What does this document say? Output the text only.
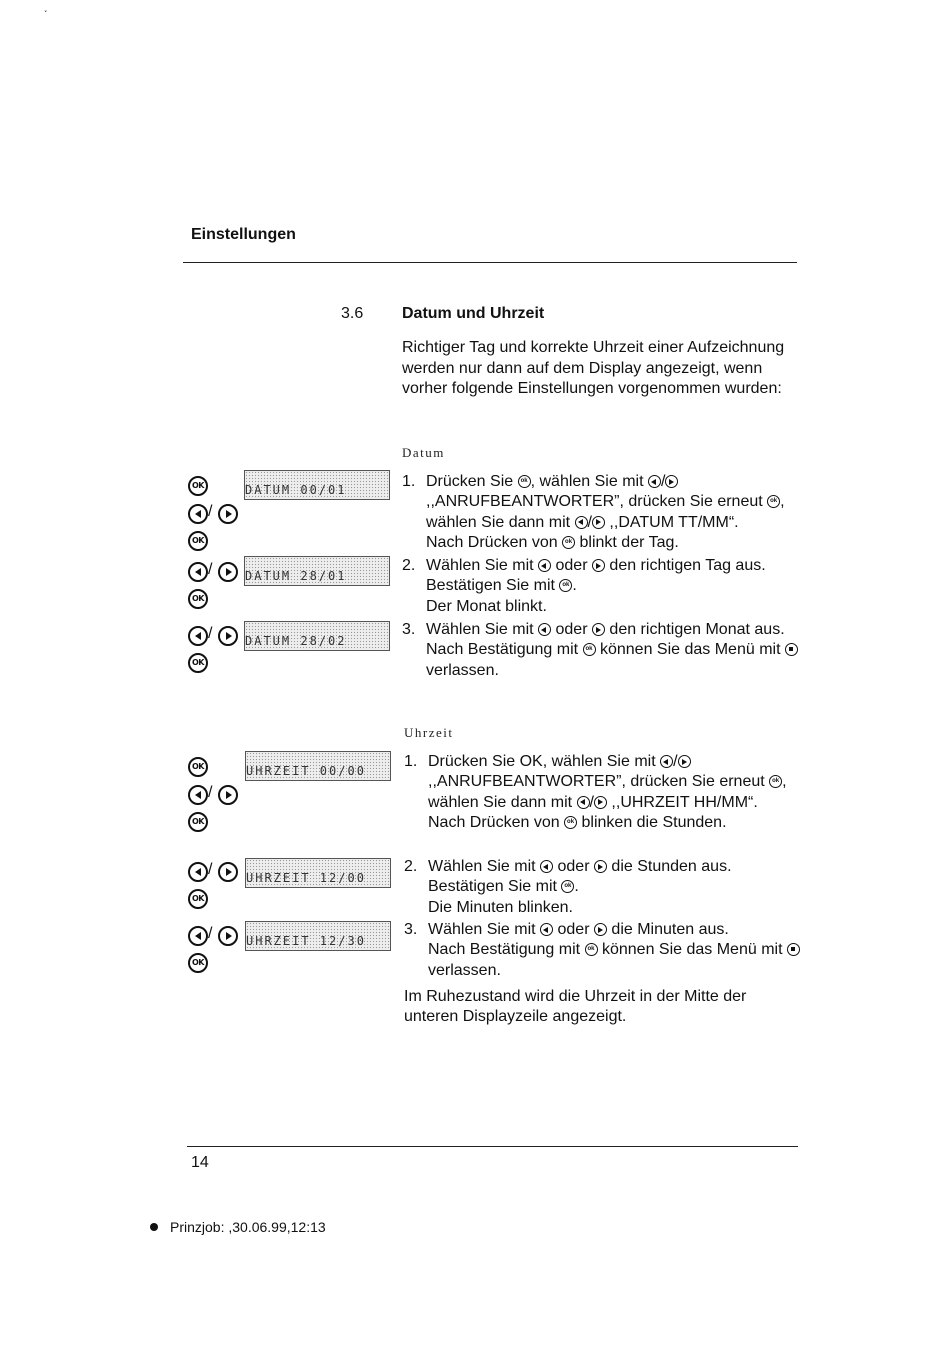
˯
Einstellungen
3.6 Datum und Uhrzeit
Richtiger Tag und korrekte Uhrzeit einer Aufzeichnung werden nur dann auf dem Display angezeigt, wenn vorher folgende Einstellungen vorgenommen wurden:
Datum
OK
/
OK
/
OK
/
OK
DATUM 00/01
DATUM 28/01
DATUM 28/02
1. Drücken Sie ok, wählen Sie mit /
,,ANRUFBEANTWORTER”, drücken Sie erneut ok, wählen Sie dann mit / ,,DATUM TT/MM“.
Nach Drücken von ok blinkt der Tag.
2. Wählen Sie mit  oder  den richtigen Tag aus.
Bestätigen Sie mit ok.
Der Monat blinkt.
3. Wählen Sie mit  oder  den richtigen Monat aus.
Nach Bestätigung mit ok können Sie das Menü mit  verlassen.
Uhrzeit
OK
/
OK
/
OK
/
OK
UHRZEIT 00/00
UHRZEIT 12/00
UHRZEIT 12/30
1. Drücken Sie OK, wählen Sie mit /
,,ANRUFBEANTWORTER”, drücken Sie erneut ok, wählen Sie dann mit / ,,UHRZEIT HH/MM“.
Nach Drücken von ok blinken die Stunden.
2. Wählen Sie mit  oder  die Stunden aus.
Bestätigen Sie mit ok.
Die Minuten blinken.
3. Wählen Sie mit  oder  die Minuten aus.
Nach Bestätigung mit ok können Sie das Menü mit  verlassen.
Im Ruhezustand wird die Uhrzeit in der Mitte der unteren Displayzeile angezeigt.
14
Prinzjob: ,30.06.99,12:13
